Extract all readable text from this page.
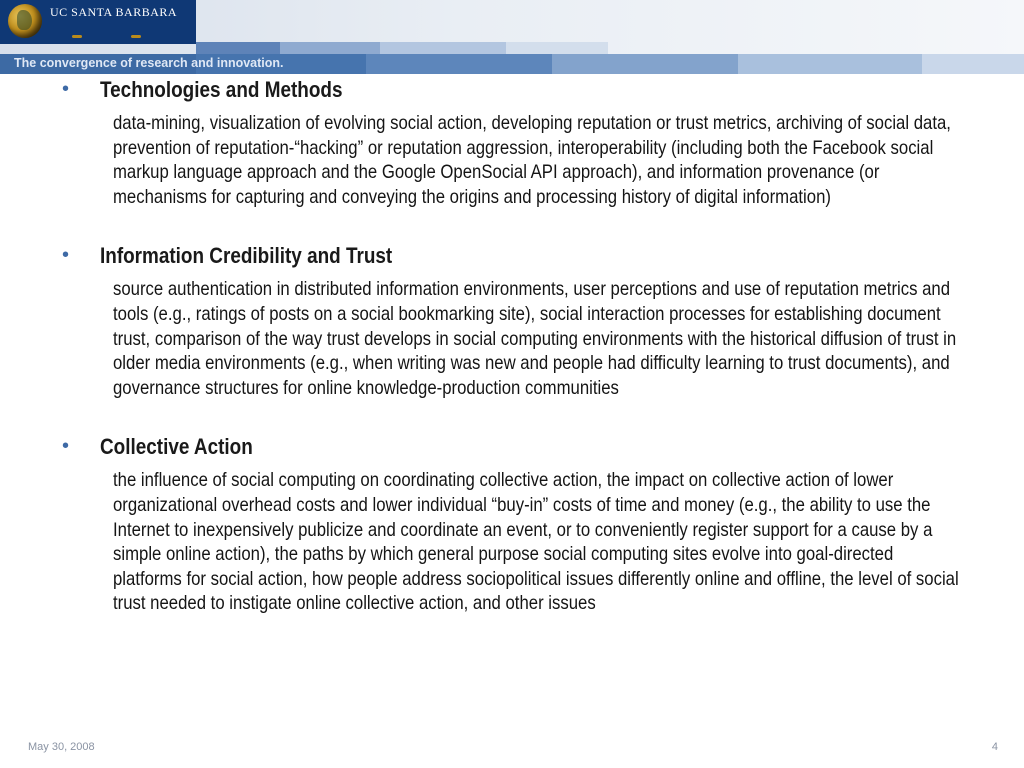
UC SANTA BARBARA
The convergence of research and innovation.
• Technologies and Methods
data-mining, visualization of evolving social action, developing reputation or trust metrics, archiving of social data, prevention of reputation-“hacking” or reputation aggression, interoperability (including both the Facebook social markup language approach and the Google OpenSocial API approach), and information provenance (or mechanisms for capturing and conveying the origins and processing history of digital information)
• Information Credibility and Trust
source authentication in distributed information environments, user perceptions and use of reputation metrics and tools (e.g., ratings of posts on a social bookmarking site), social interaction processes for establishing document trust, comparison of the way trust develops in social computing environments with the historical diffusion of trust in older media environments (e.g., when writing was new and people had difficulty learning to trust documents), and governance structures for online knowledge-production communities
• Collective Action
the influence of social computing on coordinating collective action, the impact on collective action of lower organizational overhead costs and lower individual “buy-in” costs of time and money (e.g., the ability to use the Internet to inexpensively publicize and coordinate an event, or to conveniently register support for a cause by a simple online action), the paths by which general purpose social computing sites evolve into goal-directed platforms for social action, how people address sociopolitical issues differently online and offline, the level of social trust needed to instigate online collective action, and other issues
May 30, 2008	4
